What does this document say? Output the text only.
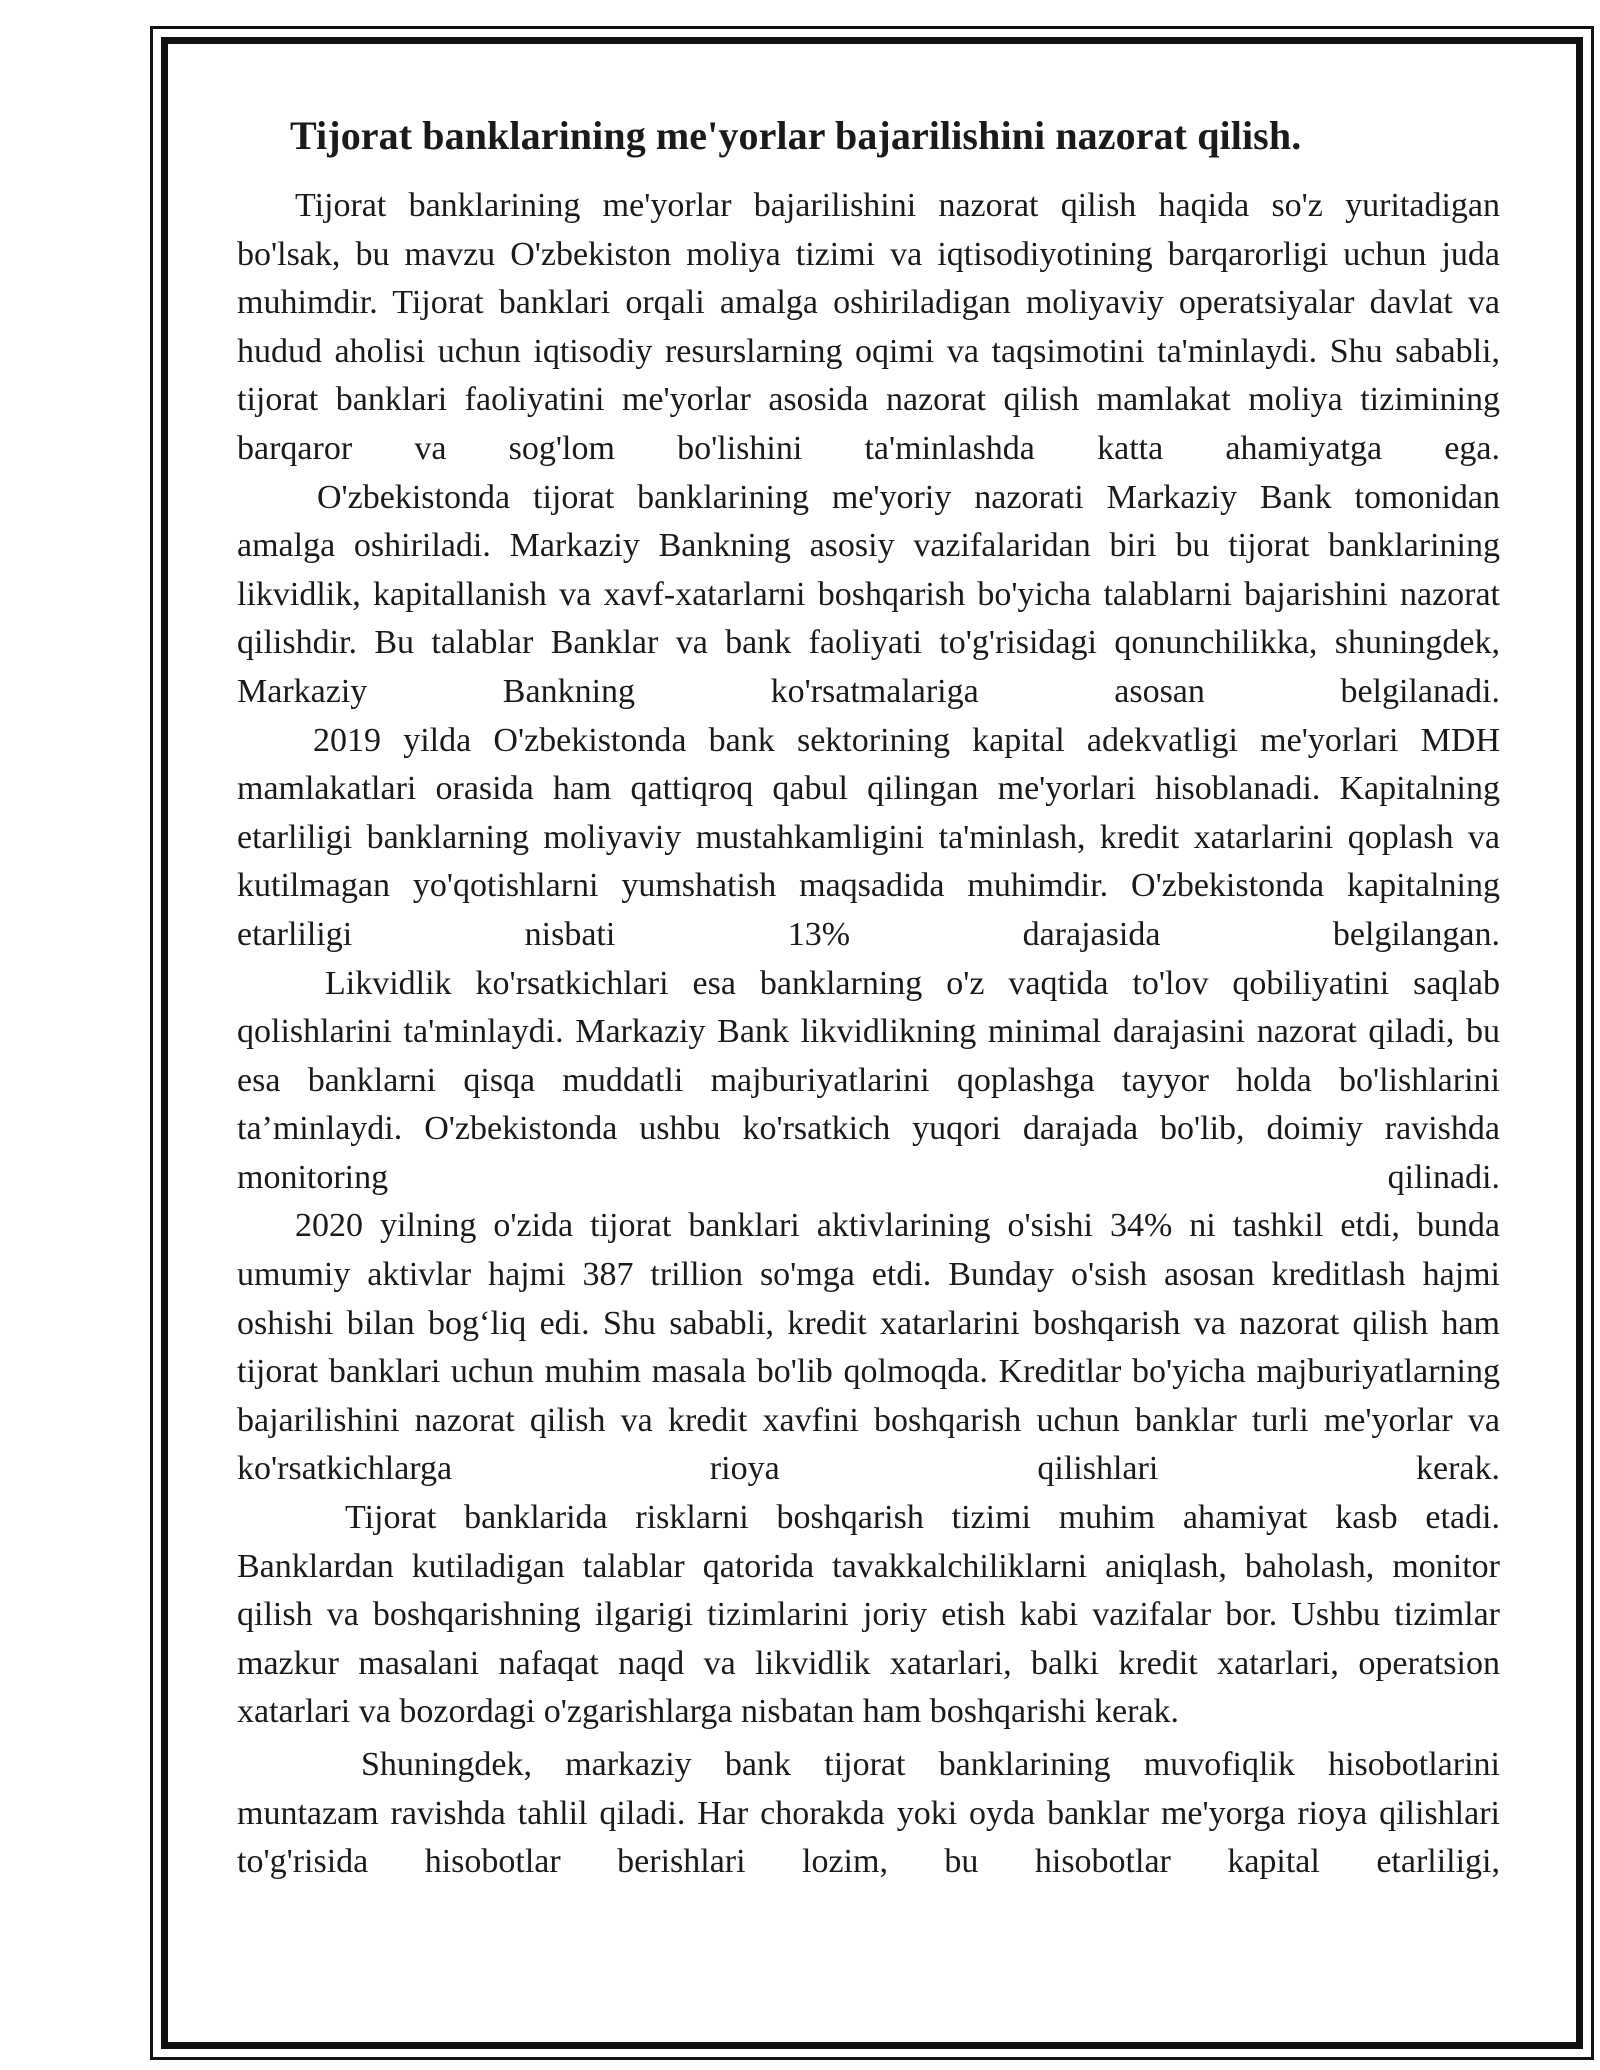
Tijorat banklarining me'yorlar bajarilishini nazorat qilish.

Tijorat banklarining me'yorlar bajarilishini nazorat qilish haqida so'z yuritadigan bo'lsak, bu mavzu O'zbekiston moliya tizimi va iqtisodiyotining barqarorligi uchun juda muhimdir. Tijorat banklari orqali amalga oshiriladigan moliyaviy operatsiyalar davlat va hudud aholisi uchun iqtisodiy resurslarning oqimi va taqsimotini ta'minlaydi. Shu sababli, tijorat banklari faoliyatini me'yorlar asosida nazorat qilish mamlakat moliya tizimining barqaror va sog'lom bo'lishini ta'minlashda katta ahamiyatga ega.

O'zbekistonda tijorat banklarining me'yoriy nazorati Markaziy Bank tomonidan amalga oshiriladi. Markaziy Bankning asosiy vazifalaridan biri bu tijorat banklarining likvidlik, kapitallanish va xavf-xatarlarni boshqarish bo'yicha talablarni bajarishini nazorat qilishdir. Bu talablar Banklar va bank faoliyati to'g'risidagi qonunchilikka, shuningdek, Markaziy Bankning ko'rsatmalariga asosan belgilanadi.

2019 yilda O'zbekistonda bank sektorining kapital adekvatligi me'yorlari MDH mamlakatlari orasida ham qattiqroq qabul qilingan me'yorlari hisoblanadi. Kapitalning etarliligi banklarning moliyaviy mustahkamligini ta'minlash, kredit xatarlarini qoplash va kutilmagan yo'qotishlarni yumshatish maqsadida muhimdir. O'zbekistonda kapitalning etarliligi nisbati 13% darajasida belgilangan.

Likvidlik ko'rsatkichlari esa banklarning o'z vaqtida to'lov qobiliyatini saqlab qolishlarini ta'minlaydi. Markaziy Bank likvidlikning minimal darajasini nazorat qiladi, bu esa banklarni qisqa muddatli majburiyatlarini qoplashga tayyor holda bo'lishlarini ta’minlaydi. O'zbekistonda ushbu ko'rsatkich yuqori darajada bo'lib, doimiy ravishda monitoring qilinadi.

2020 yilning o'zida tijorat banklari aktivlarining o'sishi 34% ni tashkil etdi, bunda umumiy aktivlar hajmi 387 trillion so'mga etdi. Bunday o'sish asosan kreditlash hajmi oshishi bilan bog‘liq edi. Shu sababli, kredit xatarlarini boshqarish va nazorat qilish ham tijorat banklari uchun muhim masala bo'lib qolmoqda. Kreditlar bo'yicha majburiyatlarning bajarilishini nazorat qilish va kredit xavfini boshqarish uchun banklar turli me'yorlar va ko'rsatkichlarga rioya qilishlari kerak.

Tijorat banklarida risklarni boshqarish tizimi muhim ahamiyat kasb etadi. Banklardan kutiladigan talablar qatorida tavakkalchiliklarni aniqlash, baholash, monitor qilish va boshqarishning ilgarigi tizimlarini joriy etish kabi vazifalar bor. Ushbu tizimlar mazkur masalani nafaqat naqd va likvidlik xatarlari, balki kredit xatarlari, operatsion xatarlari va bozordagi o'zgarishlarga nisbatan ham boshqarishi kerak.

Shuningdek, markaziy bank tijorat banklarining muvofiqlik hisobotlarini muntazam ravishda tahlil qiladi. Har chorakda yoki oyda banklar me'yorga rioya qilishlari to'g'risida hisobotlar berishlari lozim, bu hisobotlar kapital etarliligi,
